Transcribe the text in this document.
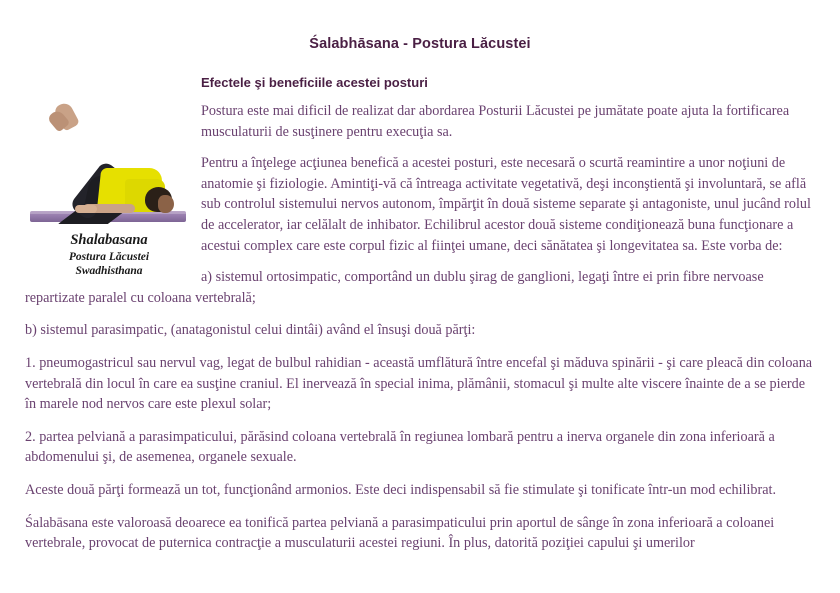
Śalabhāsana - Postura Lăcustei
Shalabasana
Postura Lăcustei
Swadhisthana
Efectele şi beneficiile acestei posturi

Postura este mai dificil de realizat dar abordarea Posturii Lăcustei pe jumătate poate ajuta la fortificarea musculaturii de susţinere pentru execuţia sa.

Pentru a înţelege acţiunea benefică a acestei posturi, este necesară o scurtă reamintire a unor noţiuni de anatomie şi fiziologie. Amintiţi-vă că întreaga activitate vegetativă, deşi inconştientă şi involuntară, se află sub controlul sistemului nervos autonom, împărţit în două sisteme separate şi antagoniste, unul jucând rolul de accelerator, iar celălalt de inhibator. Echilibrul acestor două sisteme condiţionează buna funcţionare a acestui complex care este corpul fizic al fiinţei umane, deci sănătatea şi longevitatea sa. Este vorba de:

a) sistemul ortosimpatic, comportând un dublu şirag de ganglioni, legaţi între ei prin fibre nervoase repartizate paralel cu coloana vertebrală;

b) sistemul parasimpatic, (anatagonistul celui dintâi) având el însuşi două părţi:

1. pneumogastricul sau nervul vag, legat de bulbul rahidian - această umflătură între encefal şi măduva spinării - şi care pleacă din coloana vertebrală din locul în care ea susţine craniul. El inervează în special inima, plămânii, stomacul şi multe alte viscere înainte de a se pierde în marele nod nervos care este plexul solar;

2. partea pelviană a parasimpaticului, părăsind coloana vertebrală în regiunea lombară pentru a inerva organele din zona inferioară a abdomenului şi, de asemenea, organele sexuale.

Aceste două părţi formează un tot, funcţionând armonios. Este deci indispensabil să fie stimulate şi tonificate într-un mod echilibrat.

Śalabāsana este valoroasă deoarece ea tonifică partea pelviană a parasimpaticului prin aportul de sânge în zona inferioară a coloanei vertebrale, provocat de puternica contracţie a musculaturii acestei regiuni. În plus, datorită poziţiei capului şi umerilor
